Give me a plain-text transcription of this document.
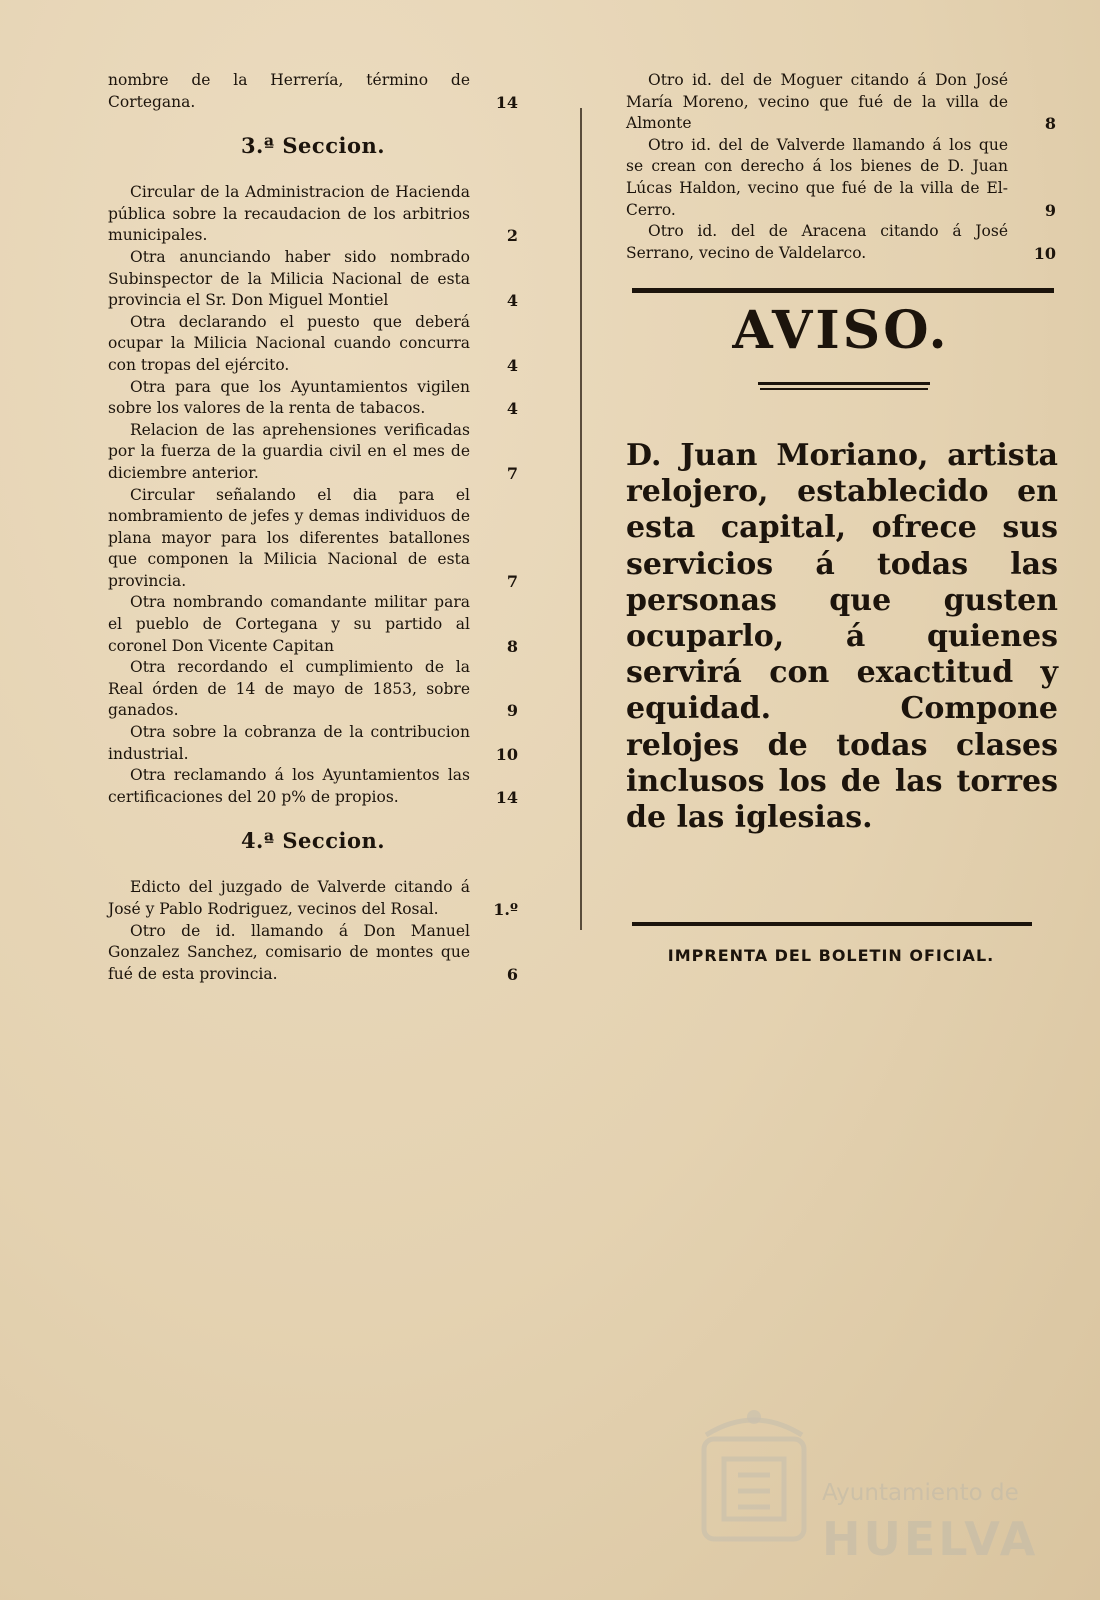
nombre de la Herrería, término de Cortegana.	14
3.ª Seccion.
Circular de la Administracion de Hacienda pública sobre la recaudacion de los arbitrios municipales.	2
Otra anunciando haber sido nombrado Subinspector de la Milicia Nacional de esta provincia el Sr. Don Miguel Montiel	4
Otra declarando el puesto que deberá ocupar la Milicia Nacional cuando concurra con tropas del ejército.	4
Otra para que los Ayuntamientos vigilen sobre los valores de la renta de tabacos.	4
Relacion de las aprehensiones verificadas por la fuerza de la guardia civil en el mes de diciembre anterior.	7
Circular señalando el dia para el nombramiento de jefes y demas individuos de plana mayor para los diferentes batallones que componen la Milicia Nacional de esta provincia.	7
Otra nombrando comandante militar para el pueblo de Cortegana y su partido al coronel Don Vicente Capitan	8
Otra recordando el cumplimiento de la Real órden de 14 de mayo de 1853, sobre ganados.	9
Otra sobre la cobranza de la contribucion industrial.	10
Otra reclamando á los Ayuntamientos las certificaciones del 20 p% de propios.	14
4.ª Seccion.
Edicto del juzgado de Valverde citando á José y Pablo Rodriguez, vecinos del Rosal.	1.º
Otro de id. llamando á Don Manuel Gonzalez Sanchez, comisario de montes que fué de esta provincia.	6
Otro id. del de Moguer citando á Don José María Moreno, vecino que fué de la villa de Almonte	8
Otro id. del de Valverde llamando á los que se crean con derecho á los bienes de D. Juan Lúcas Haldon, vecino que fué de la villa de El-Cerro.	9
Otro id. del de Aracena citando á José Serrano, vecino de Valdelarco.	10
AVISO.
D. Juan Moriano, artista relojero, establecido en esta capital, ofrece sus servicios á todas las personas que gusten ocuparlo, á quienes servirá con exactitud y equidad. Compone relojes de todas clases inclusos los de las torres de las iglesias.
IMPRENTA DEL BOLETIN OFICIAL.
Ayuntamiento de
HUELVA
